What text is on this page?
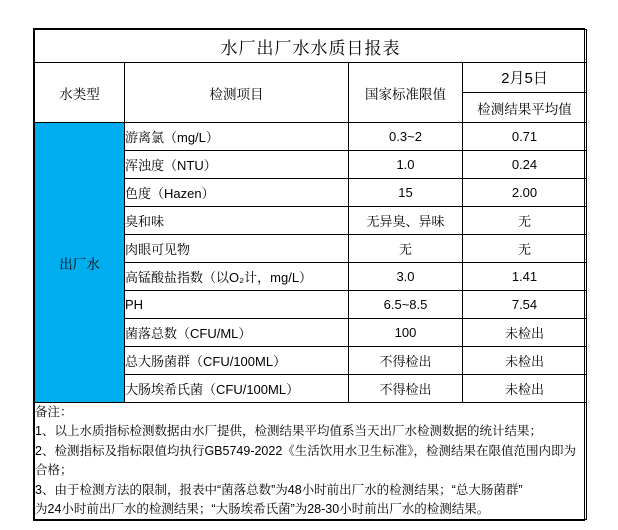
水厂出厂水水质日报表			
水类型	检测项目	国家标准限值	2月5日
			检测结果平均值
出厂水	游离氯（mg/L）	0.3~2	0.71
	浑浊度（NTU）	1.0	0.24
	色度（Hazen）	15	2.00
	臭和味	无异臭、异味	无
	肉眼可见物	无	无
	高锰酸盐指数（以O₂计，mg/L）	3.0	1.41
	PH	6.5~8.5	7.54
	菌落总数（CFU/ML）	100	未检出
	总大肠菌群（CFU/100ML）	不得检出	未检出
	大肠埃希氏菌（CFU/100ML）	不得检出	未检出

备注：

1、以上水质指标检测数据由水厂提供，检测结果平均值系当天出厂水检测数据的统计结果；

2、检测指标及指标限值均执行GB5749-2022《生活饮用水卫生标准》，检测结果在限值范围内即为合格；

3、由于检测方法的限制，报表中“菌落总数”为48小时前出厂水的检测结果；“总大肠菌群”

为24小时前出厂水的检测结果；“大肠埃希氏菌”为28-30小时前出厂水的检测结果。			
